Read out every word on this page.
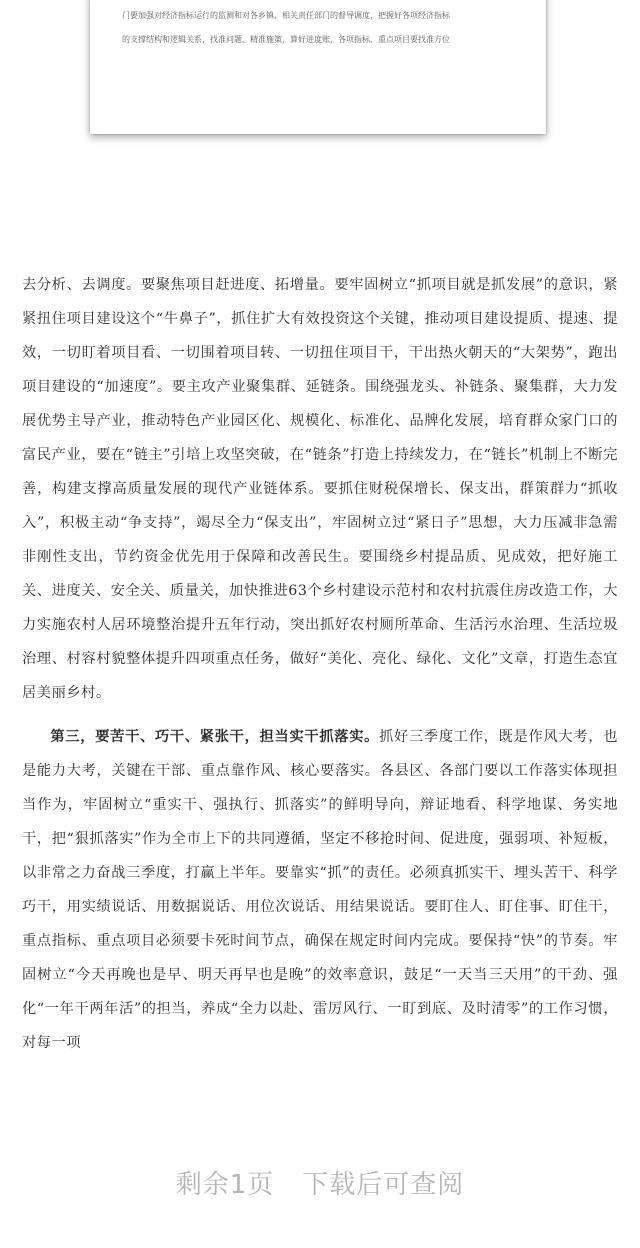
门要加强对经济指标运行的监测和对各乡镇、相关责任部门的督导调度，把握好各项经济指标
的支撑结构和逻辑关系，找准问题、精准施策，算好进度账，各项指标、重点项目要找准方位

去分析、去调度。要聚焦项目赶进度、拓增量。要牢固树立“抓项目就是抓发展”的意识，紧紧扭住项目建设这个“牛鼻子”，抓住扩大有效投资这个关键，推动项目建设提质、提速、提效，一切盯着项目看、一切围着项目转、一切扭住项目干，干出热火朝天的“大架势”，跑出项目建设的“加速度”。要主攻产业聚集群、延链条。围绕强龙头、补链条、聚集群，大力发展优势主导产业，推动特色产业园区化、规模化、标准化、品牌化发展，培育群众家门口的富民产业，要在“链主”引培上攻坚突破，在“链条”打造上持续发力，在“链长”机制上不断完善，构建支撑高质量发展的现代产业链体系。要抓住财税保增长、保支出，群策群力“抓收入”，积极主动“争支持”，竭尽全力“保支出”，牢固树立过“紧日子”思想，大力压减非急需非刚性支出，节约资金优先用于保障和改善民生。要围绕乡村提品质、见成效，把好施工关、进度关、安全关、质量关，加快推进63个乡村建设示范村和农村抗震住房改造工作，大力实施农村人居环境整治提升五年行动，突出抓好农村厕所革命、生活污水治理、生活垃圾治理、村容村貌整体提升四项重点任务，做好“美化、亮化、绿化、文化”文章，打造生态宜居美丽乡村。

第三，要苦干、巧干、紧张干，担当实干抓落实。抓好三季度工作，既是作风大考，也是能力大考，关键在干部、重点靠作风、核心要落实。各县区、各部门要以工作落实体现担当作为，牢固树立“重实干、强执行、抓落实”的鲜明导向，辩证地看、科学地谋、务实地干，把“狠抓落实”作为全市上下的共同遵循，坚定不移抢时间、促进度，强弱项、补短板，以非常之力奋战三季度，打赢上半年。要靠实“抓”的责任。必须真抓实干、埋头苦干、科学巧干，用实绩说话、用数据说话、用位次说话、用结果说话。要盯住人、盯住事、盯住干，重点指标、重点项目必须要卡死时间节点，确保在规定时间内完成。要保持“快”的节奏。牢固树立“今天再晚也是早、明天再早也是晚”的效率意识，鼓足“一天当三天用”的干劲、强化“一年干两年活”的担当，养成“全力以赴、雷厉风行、一盯到底、及时清零”的工作习惯，对每一项

剩余1页 下载后可查阅
